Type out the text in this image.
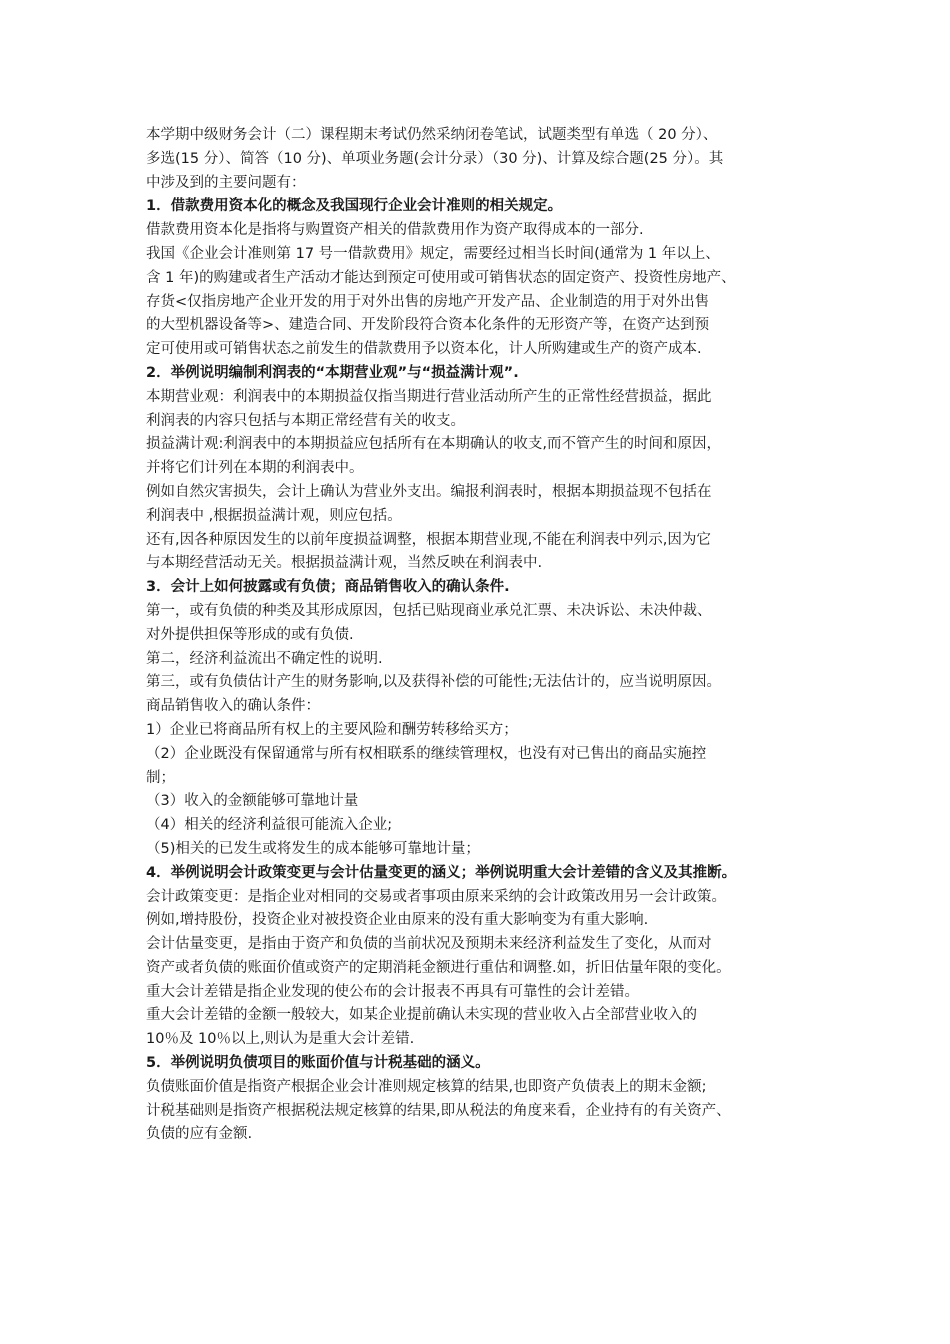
本学期中级财务会计（二）课程期末考试仍然采纳闭卷笔试，试题类型有单选（ 20 分）、
多选(15 分）、简答（10 分)、单项业务题(会计分录）（30 分)、计算及综合题(25 分）。其
中涉及到的主要问题有：
1．借款费用资本化的概念及我国现行企业会计准则的相关规定。
借款费用资本化是指将与购置资产相关的借款费用作为资产取得成本的一部分.
我国《企业会计准则第 17 号一借款费用》规定，需要经过相当长时间(通常为 1 年以上、
含 1 年)的购建或者生产活动才能达到预定可使用或可销售状态的固定资产、投资性房地产、
存货<仅指房地产企业开发的用于对外出售的房地产开发产品、企业制造的用于对外出售
的大型机器设备等>、建造合同、开发阶段符合资本化条件的无形资产等，在资产达到预
定可使用或可销售状态之前发生的借款费用予以资本化，计人所购建或生产的资产成本.
2．举例说明编制利润表的“本期营业观”与“损益满计观”.
本期营业观：利润表中的本期损益仅指当期进行营业活动所产生的正常性经营损益，据此
利润表的内容只包括与本期正常经营有关的收支。
损益满计观:利润表中的本期损益应包括所有在本期确认的收支,而不管产生的时间和原因，
并将它们计列在本期的利润表中。
例如自然灾害损失，会计上确认为营业外支出。编报利润表时，根据本期损益现不包括在
利润表中 ,根据损益满计观，则应包括。
还有,因各种原因发生的以前年度损益调整，根据本期营业现,不能在利润表中列示,因为它
与本期经营活动无关。根据损益满计观，当然反映在利润表中.
3．会计上如何披露或有负债；商品销售收入的确认条件.
第一，或有负债的种类及其形成原因，包括已贴现商业承兑汇票、未决诉讼、未决仲裁、
对外提供担保等形成的或有负债.
第二，经济利益流出不确定性的说明.
第三，或有负债估计产生的财务影响,以及获得补偿的可能性;无法估计的，应当说明原因。
商品销售收入的确认条件：
1）企业已将商品所有权上的主要风险和酬劳转移给买方；
（2）企业既没有保留通常与所有权相联系的继续管理权，也没有对已售出的商品实施控
制；
（3）收入的金额能够可靠地计量
（4）相关的经济利益很可能流入企业;
（5)相关的已发生或将发生的成本能够可靠地计量；
4．举例说明会计政策变更与会计估量变更的涵义；举例说明重大会计差错的含义及其推断。
会计政策变更：是指企业对相同的交易或者事项由原来采纳的会计政策改用另一会计政策。
例如,增持股份，投资企业对被投资企业由原来的没有重大影响变为有重大影响.
会计估量变更，是指由于资产和负债的当前状况及预期未来经济利益发生了变化，从而对
资产或者负债的账面价值或资产的定期消耗金额进行重估和调整.如，折旧估量年限的变化。
重大会计差错是指企业发现的使公布的会计报表不再具有可靠性的会计差错。
重大会计差错的金额一般较大，如某企业提前确认未实现的营业收入占全部营业收入的
10％及 10％以上,则认为是重大会计差错.
5．举例说明负债项目的账面价值与计税基础的涵义。
负债账面价值是指资产根据企业会计准则规定核算的结果,也即资产负债表上的期末金额;
计税基础则是指资产根据税法规定核算的结果,即从税法的角度来看，企业持有的有关资产、
负债的应有金额.
